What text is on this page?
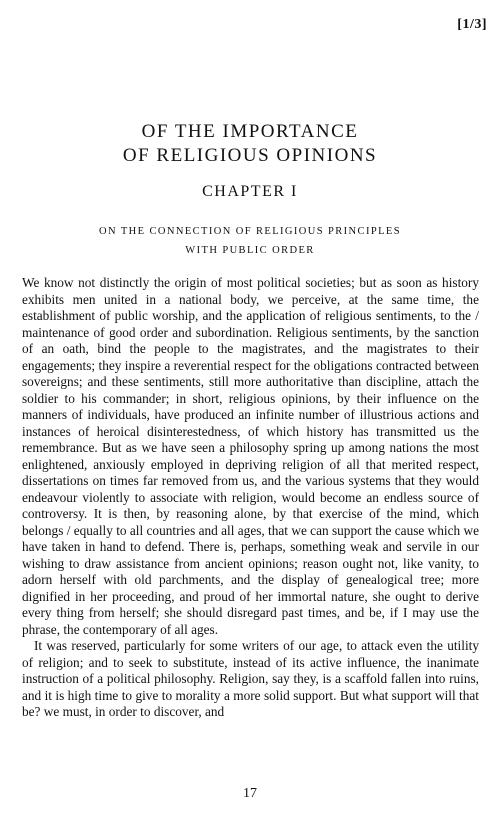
[1/3]
OF THE IMPORTANCE
OF RELIGIOUS OPINIONS
CHAPTER I
ON THE CONNECTION OF RELIGIOUS PRINCIPLES
WITH PUBLIC ORDER

We know not distinctly the origin of most political societies; but as soon as history exhibits men united in a national body, we perceive, at the same time, the establishment of public worship, and the application of religious sentiments, to the / maintenance of good order and subordination. Religious sentiments, by the sanction of an oath, bind the people to the magistrates, and the magistrates to their engagements; they inspire a reverential respect for the obligations contracted between sovereigns; and these sentiments, still more authoritative than discipline, attach the soldier to his commander; in short, religious opinions, by their influence on the manners of individuals, have produced an infinite number of illustrious actions and instances of heroical disinterestedness, of which history has transmitted us the remembrance. But as we have seen a philosophy spring up among nations the most enlightened, anxiously employed in depriving religion of all that merited respect, dissertations on times far removed from us, and the various systems that they would endeavour violently to associate with religion, would become an endless source of controversy. It is then, by reasoning alone, by that exercise of the mind, which belongs / equally to all countries and all ages, that we can support the cause which we have taken in hand to defend. There is, perhaps, something weak and servile in our wishing to draw assistance from ancient opinions; reason ought not, like vanity, to adorn herself with old parchments, and the display of genealogical tree; more dignified in her proceeding, and proud of her immortal nature, she ought to derive every thing from herself; she should disregard past times, and be, if I may use the phrase, the contemporary of all ages.

It was reserved, particularly for some writers of our age, to attack even the utility of religion; and to seek to substitute, instead of its active influence, the inanimate instruction of a political philosophy. Religion, say they, is a scaffold fallen into ruins, and it is high time to give to morality a more solid support. But what support will that be? we must, in order to discover, and

17
